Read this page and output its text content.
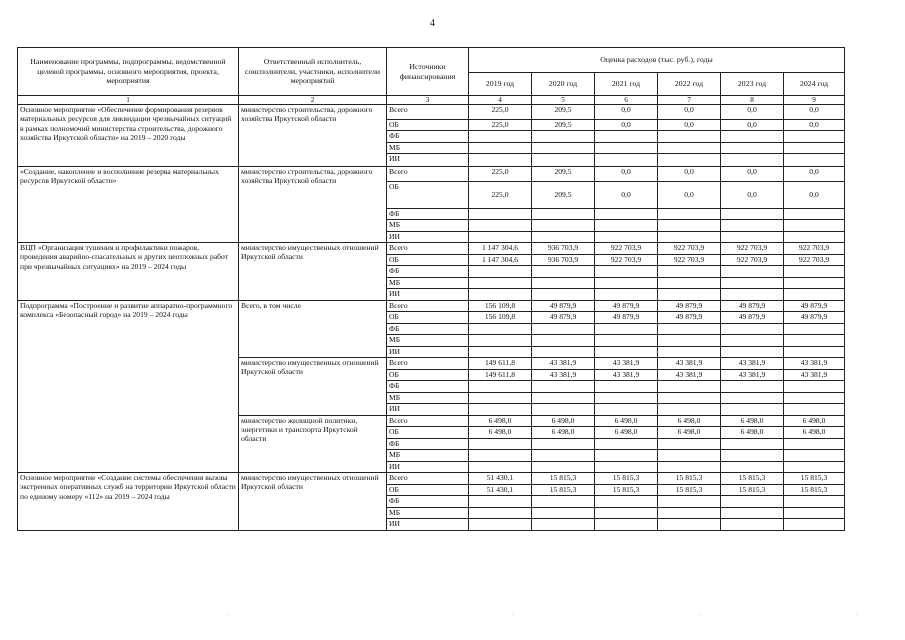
4
Наименование программы, подпрограммы, ведомственной целевой программы, основного мероприятия, проекта, мероприятия	Ответственный исполнитель, соисполнители, участники, исполнители мероприятий	Источники финансирования	Оценка расходов (тыс. руб.), годы					
			2019 год	2020 год	2021 год	2022 год	2023 год	2024 год
1	2	3	4	5	6	7	8	9
Основное мероприятие «Обеспечение формирования резервов материальных ресурсов для ликвидации чрезвычайных ситуаций в рамках полномочий министерства строительства, дорожного хозяйства Иркутской области» на 2019 – 2020 годы	министерство строительства, дорожного хозяйства Иркутской области	Всего	225,0	209,5	0,0	0,0	0,0	0,0
		ОБ	225,0	209,5	0,0	0,0	0,0	0,0
		ФБ						
		МБ						
		ИИ						
«Создание, накопление и восполнение резерва материальных ресурсов Иркутской области»	министерство строительства, дорожного хозяйства Иркутской области	Всего	225,0	209,5	0,0	0,0	0,0	0,0
		ОБ	225,0	209,5	0,0	0,0	0,0	0,0
		ФБ						
		МБ						
		ИИ						
ВЦП «Организация тушения и профилактики пожаров, проведения аварийно-спасательных и других неотложных работ при чрезвычайных ситуациях» на 2019 – 2024 годы	министерство имущественных отношений Иркутской области	Всего	1 147 304,6	936 703,9	922 703,9	922 703,9	922 703,9	922 703,9
		ОБ	1 147 304,6	936 703,9	922 703,9	922 703,9	922 703,9	922 703,9
		ФБ						
		МБ						
		ИИ						
Подпрограмма «Построение и развитие аппаратно-программного комплекса «Безопасный город» на 2019 – 2024 годы	Всего, в том числе	Всего	156 109,8	49 879,9	49 879,9	49 879,9	49 879,9	49 879,9
		ОБ	156 109,8	49 879,9	49 879,9	49 879,9	49 879,9	49 879,9
		ФБ						
		МБ						
		ИИ						
	министерство имущественных отношений Иркутской области	Всего	149 611,8	43 381,9	43 381,9	43 381,9	43 381,9	43 381,9
		ОБ	149 611,8	43 381,9	43 381,9	43 381,9	43 381,9	43 381,9
		ФБ						
		МБ						
		ИИ						
	министерство жилищной политики, энергетики и транспорта Иркутской области	Всего	6 498,0	6 498,0	6 498,0	6 498,0	6 498,0	6 498,0
		ОБ	6 498,0	6 498,0	6 498,0	6 498,0	6 498,0	6 498,0
		ФБ						
		МБ						
		ИИ						
Основное мероприятие «Создание системы обеспечения вызова экстренных оперативных служб на территории Иркутской области по единому номеру «112» на 2019 – 2024 годы	министерство имущественных отношений Иркутской области	Всего	51 430,1	15 815,3	15 815,3	15 815,3	15 815,3	15 815,3
		ОБ	51 430,1	15 815,3	15 815,3	15 815,3	15 815,3	15 815,3
		ФБ						
		МБ						
		ИИ						
·	·	·	·
